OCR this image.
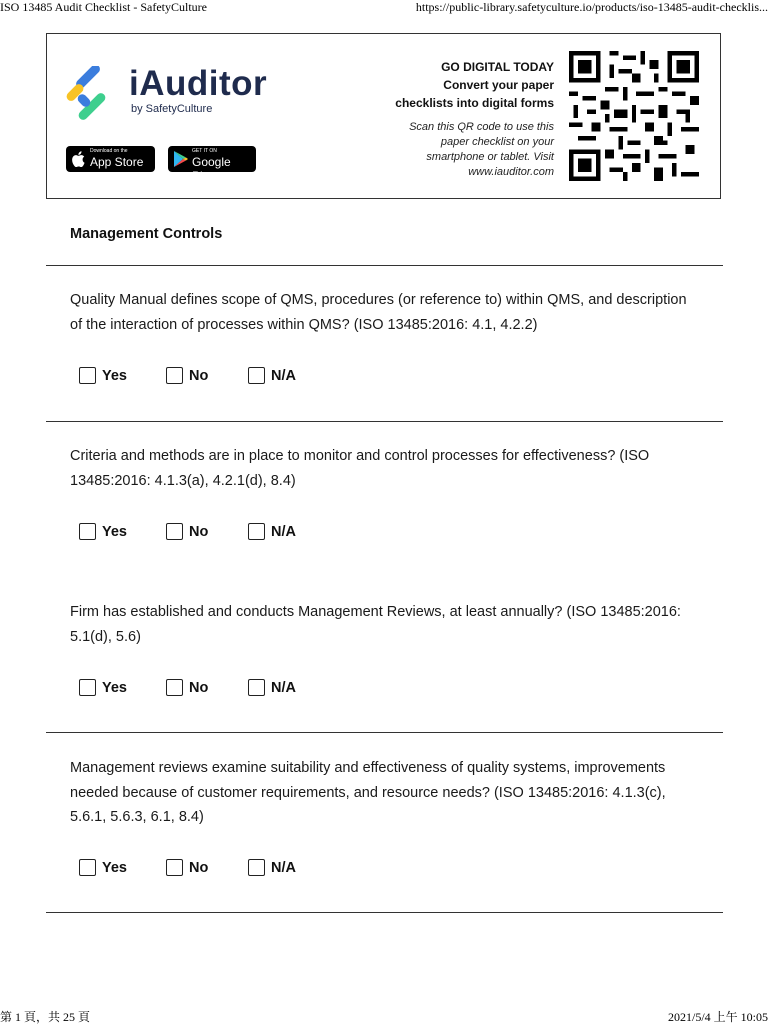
ISO 13485 Audit Checklist - SafetyCulture	https://public-library.safetyculture.io/products/iso-13485-audit-checklis...
iAuditor
by SafetyCulture
Download on the
App Store
GET IT ON
Google Play
GO DIGITAL TODAY
Convert your paper
checklists into digital forms
Scan this QR code to use this
paper checklist on your
smartphone or tablet. Visit
www.iauditor.com
Management Controls
Quality Manual defines scope of QMS, procedures (or reference to) within QMS, and description of the interaction of processes within QMS? (ISO 13485:2016: 4.1, 4.2.2)
Yes	No	N/A
Criteria and methods are in place to monitor and control processes for effectiveness? (ISO 13485:2016: 4.1.3(a), 4.2.1(d), 8.4)
Yes	No	N/A
Firm has established and conducts Management Reviews, at least annually? (ISO 13485:2016: 5.1(d), 5.6)
Yes	No	N/A
Management reviews examine suitability and effectiveness of quality systems, improvements needed because of customer requirements, and resource needs? (ISO 13485:2016: 4.1.3(c), 5.6.1, 5.6.3, 6.1, 8.4)
Yes	No	N/A
第 1 頁，共 25 頁	2021/5/4 上午 10:05
